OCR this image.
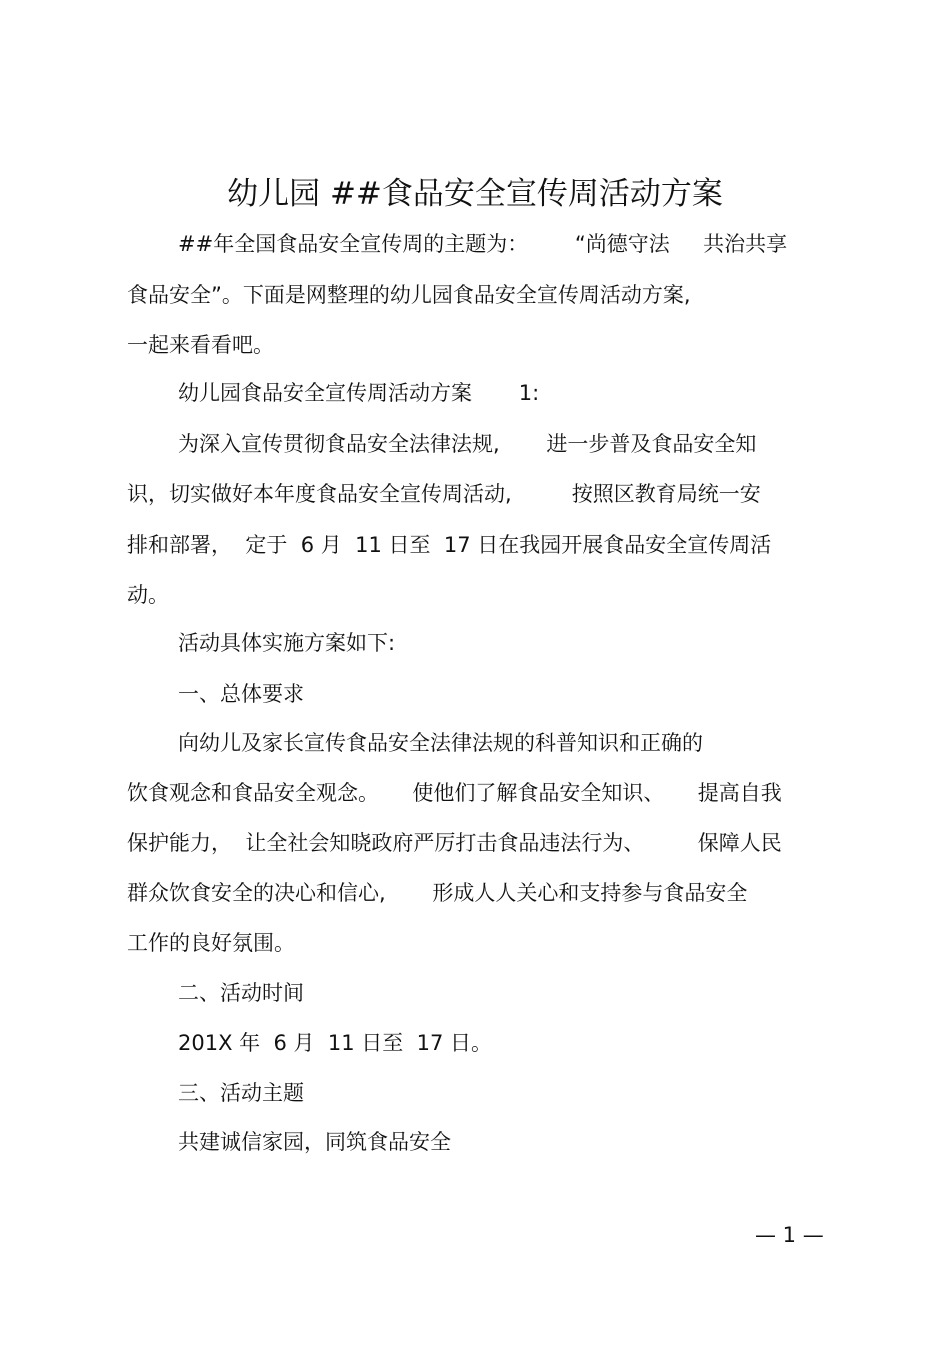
幼儿园 ##食品安全宣传周活动方案
##年全国食品安全宣传周的主题为：       “尚德守法     共治共享
食品安全”。下面是网整理的幼儿园食品安全宣传周活动方案,
一起来看看吧。
幼儿园食品安全宣传周活动方案       1:
为深入宣传贯彻食品安全法律法规,       进一步普及食品安全知
识，切实做好本年度食品安全宣传周活动,         按照区教育局统一安
排和部署，  定于  6 月  11 日至  17 日在我园开展食品安全宣传周活
动。
活动具体实施方案如下:
一、总体要求
向幼儿及家长宣传食品安全法律法规的科普知识和正确的
饮食观念和食品安全观念。     使他们了解食品安全知识、     提高自我
保护能力，  让全社会知晓政府严厉打击食品违法行为、        保障人民
群众饮食安全的决心和信心,       形成人人关心和支持参与食品安全
工作的良好氛围。
二、活动时间
201X 年  6 月  11 日至  17 日。
三、活动主题
共建诚信家园，同筑食品安全
— 1 —
